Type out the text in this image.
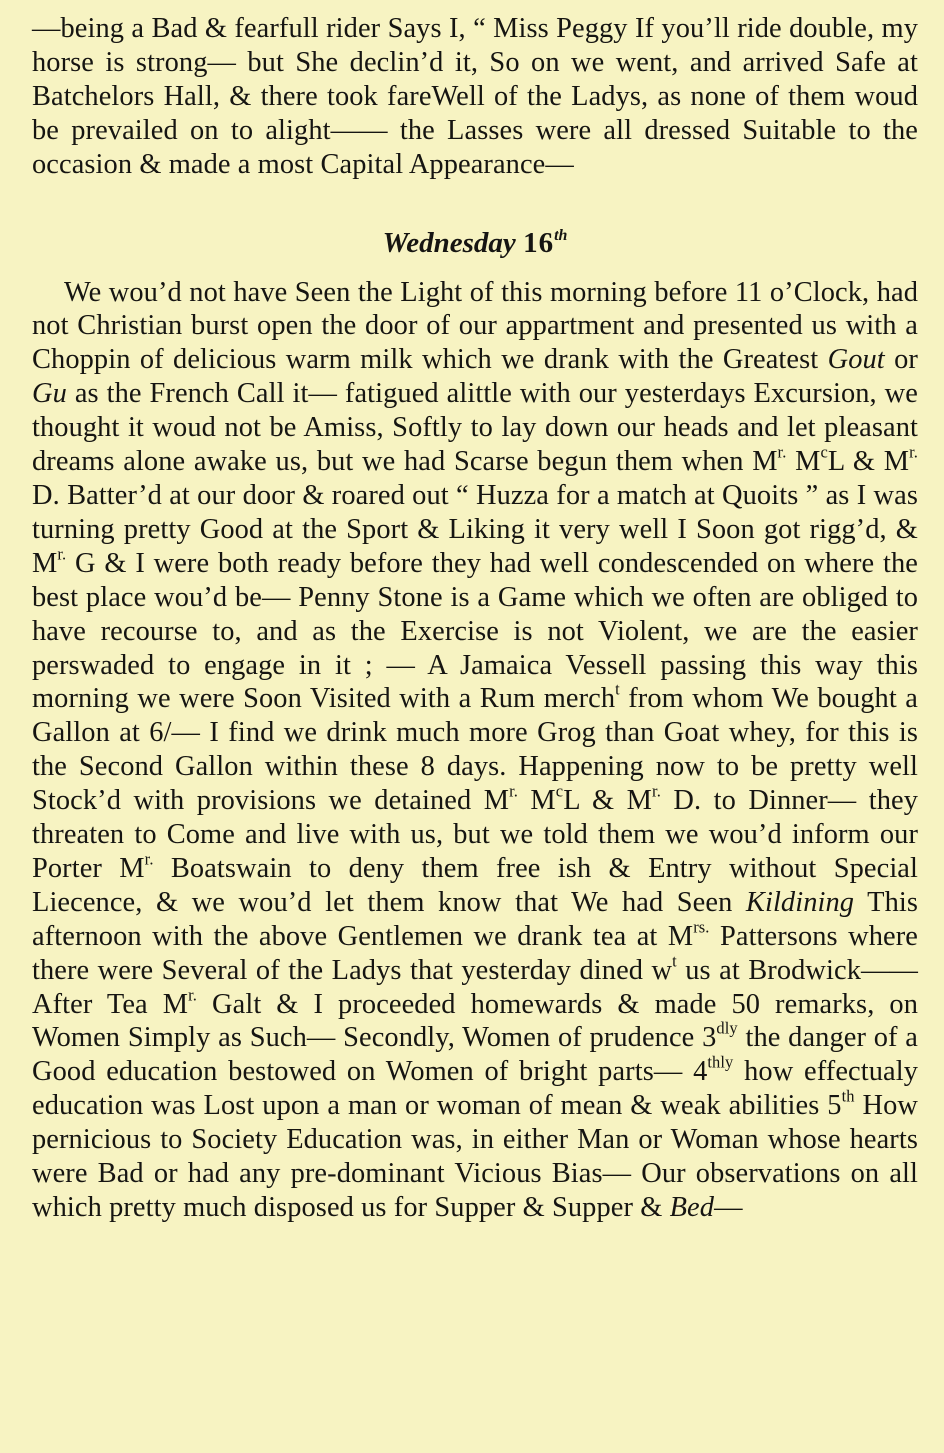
—being a Bad & fearfull rider Says I, “ Miss Peggy If you’ll ride double, my horse is strong— but She declin’d it, So on we went, and arrived Safe at Batchelors Hall, & there took fareWell of the Ladys, as none of them woud be prevailed on to alight—— the Lasses were all dressed Suitable to the occasion & made a most Capital Appearance—

Wednesday 16th

We wou’d not have Seen the Light of this morning before 11 o’Clock, had not Christian burst open the door of our appartment and presented us with a Choppin of delicious warm milk which we drank with the Greatest Gout or Gu as the French Call it— fatigued alittle with our yesterdays Excursion, we thought it woud not be Amiss, Softly to lay down our heads and let pleasant dreams alone awake us, but we had Scarse begun them when $M^{r.}$ $M^cL$ & $M^{r.}$ D. Batter’d at our door & roared out “ Huzza for a match at Quoits ” as I was turning pretty Good at the Sport & Liking it very well I Soon got rigg’d, & $M^{r.}$ G & I were both ready before they had well condescended on where the best place wou’d be— Penny Stone is a Game which we often are obliged to have recourse to, and as the Exercise is not Violent, we are the easier perswaded to engage in it ; — A Jamaica Vessell passing this way this morning we were Soon Visited with a Rum merch$^t$ from whom We bought a Gallon at 6/— I find we drink much more Grog than Goat whey, for this is the Second Gallon within these 8 days. Happening now to be pretty well Stock’d with provisions we detained $M^{r.}$ $M^cL$ & $M^{r.}$ D. to Dinner— they threaten to Come and live with us, but we told them we wou’d inform our Porter $M^{r.}$ Boatswain to deny them free ish & Entry without Special Liecence, & we wou’d let them know that We had Seen Kildining This afternoon with the above Gentlemen we drank tea at $M^{rs.}$ Pattersons where there were Several of the Ladys that yesterday dined $w^t$ us at Brodwick—— After Tea $M^{r.}$ Galt & I proceeded homewards & made 50 remarks, on Women Simply as Such— Secondly, Women of prudence $3^{dly}$ the danger of a Good education bestowed on Women of bright parts— $4^{thly}$ how effectualy education was Lost upon a man or woman of mean & weak abilities 5th How pernicious to Society Education was, in either Man or Woman whose hearts were Bad or had any pre-dominant Vicious Bias— Our observations on all which pretty much disposed us for Supper & Supper & Bed—
